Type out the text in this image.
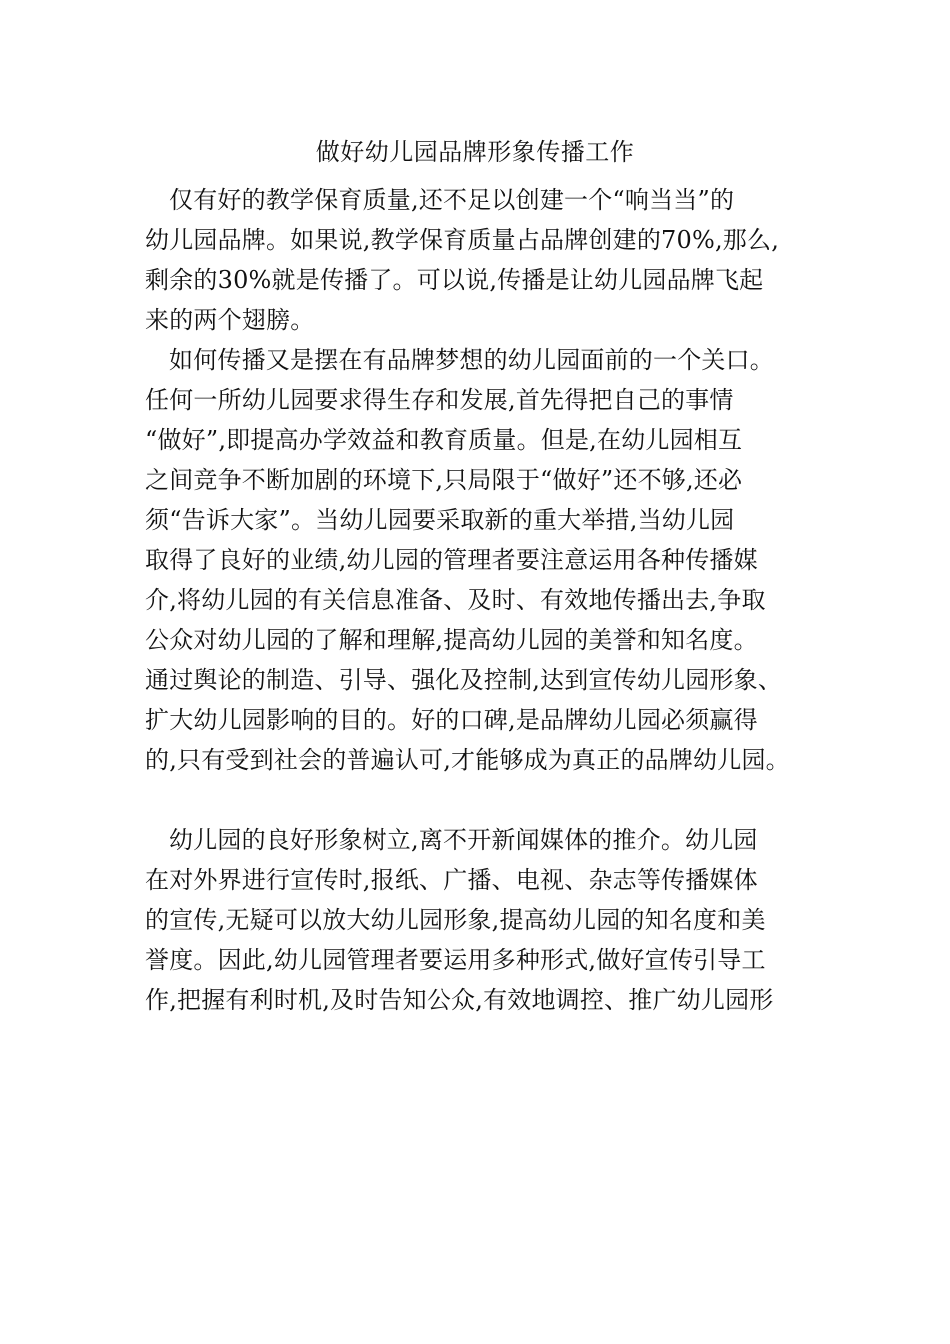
做好幼儿园品牌形象传播工作
仅有好的教学保育质量,还不足以创建一个“响当当”的
幼儿园品牌。如果说,教学保育质量占品牌创建的70%,那么,
剩余的30%就是传播了。可以说,传播是让幼儿园品牌飞起
来的两个翅膀。
如何传播又是摆在有品牌梦想的幼儿园面前的一个关口。
任何一所幼儿园要求得生存和发展,首先得把自己的事情
“做好”,即提高办学效益和教育质量。但是,在幼儿园相互
之间竞争不断加剧的环境下,只局限于“做好”还不够,还必
须“告诉大家”。当幼儿园要采取新的重大举措,当幼儿园
取得了良好的业绩,幼儿园的管理者要注意运用各种传播媒
介,将幼儿园的有关信息准备、及时、有效地传播出去,争取
公众对幼儿园的了解和理解,提高幼儿园的美誉和知名度。
通过舆论的制造、引导、强化及控制,达到宣传幼儿园形象、
扩大幼儿园影响的目的。好的口碑,是品牌幼儿园必须赢得
的,只有受到社会的普遍认可,才能够成为真正的品牌幼儿园。
幼儿园的良好形象树立,离不开新闻媒体的推介。幼儿园
在对外界进行宣传时,报纸、广播、电视、杂志等传播媒体
的宣传,无疑可以放大幼儿园形象,提高幼儿园的知名度和美
誉度。因此,幼儿园管理者要运用多种形式,做好宣传引导工
作,把握有利时机,及时告知公众,有效地调控、推广幼儿园形
